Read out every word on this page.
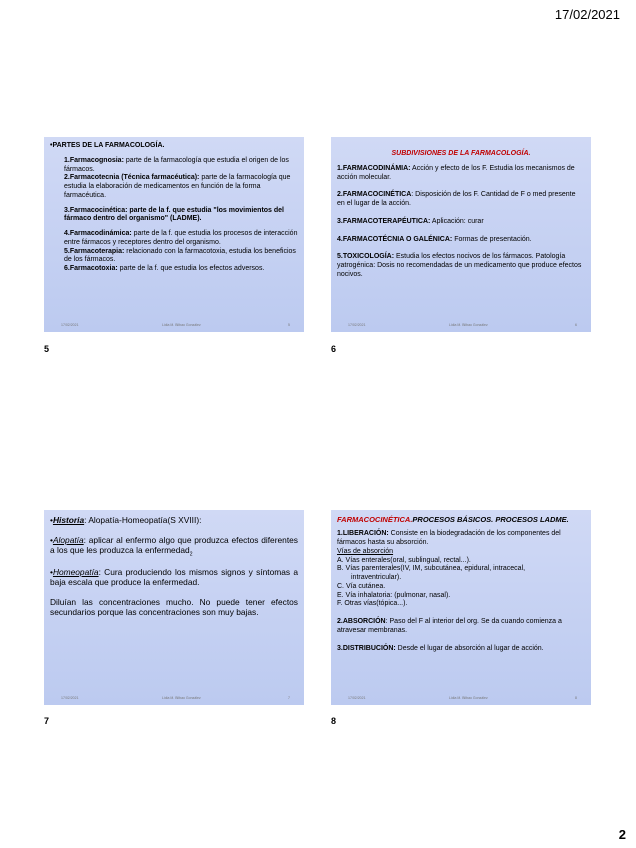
17/02/2021

•PARTES DE LA FARMACOLOGÍA.

1.Farmacognosia: parte de la farmacología que estudia el origen de los fármacos.

2.Farmacotecnia (Técnica farmacéutica): parte de la farmacología que estudia la elaboración de medicamentos en función de la forma farmacéutica.

3.Farmacocinética: parte de la f. que estudia "los movimientos del fármaco dentro del organismo" (LADME).

4.Farmacodinámica: parte de la f. que estudia los procesos de interacción entre fármacos y receptores dentro del organismo.

5.Farmacoterapia: relacionado con la farmacotoxia, estudia los beneficios de los fármacos.

6.Farmacotoxia: parte de la f. que estudia los efectos adversos.

17/02/2021	Lidia M. Bilbao González	5
5

SUBDIVISIONES DE LA FARMACOLOGÍA.

1.FARMACODINÁMIA: Acción y efecto de los F. Estudia los mecanismos de acción molecular.

2.FARMACOCINÉTICA: Disposición de los F. Cantidad de F o med presente en el lugar de la acción.

3.FARMACOTERAPÉUTICA: Aplicación: curar

4.FARMACOTÉCNIA O GALÉNICA: Formas de presentación.

5.TOXICOLOGÍA: Estudia los efectos nocivos de los fármacos. Patología yatrogénica: Dosis no recomendadas de un medicamento que produce efectos nocivos.

17/02/2021	Lidia M. Bilbao González	6
6

•Historia: Alopatía-Homeopatía(S XVIII):

•Alopatía: aplicar al enfermo algo que produzca efectos diferentes a los que les produzca la enfermedad$_2$

•Homeopatía: Cura produciendo los mismos signos y síntomas a baja escala que produce la enfermedad.

Diluían las concentraciones mucho. No puede tener efectos secundarios porque las concentraciones son muy bajas.

17/02/2021	Lidia M. Bilbao González	7
7

FARMACOCINÉTICA.PROCESOS BÁSICOS. PROCESOS LADME.

1.LIBERACIÓN: Consiste en la biodegradación de los componentes del fármacos hasta su absorción.

Vías de absorción

A. Vías enterales(oral, sublingual, rectal...).

B. Vías parenterales(IV, IM, subcutánea, epidural, intracecal,

intraventricular).

C. Vía cutánea.

E. Vía inhalatoria: (pulmonar, nasal).

F. Otras vías(tópica...).

2.ABSORCIÓN: Paso del F al interior del org. Se da cuando comienza a atravesar membranas.

3.DISTRIBUCIÓN: Desde el lugar de absorción al lugar de acción.

17/02/2021	Lidia M. Bilbao González	8
8
2
